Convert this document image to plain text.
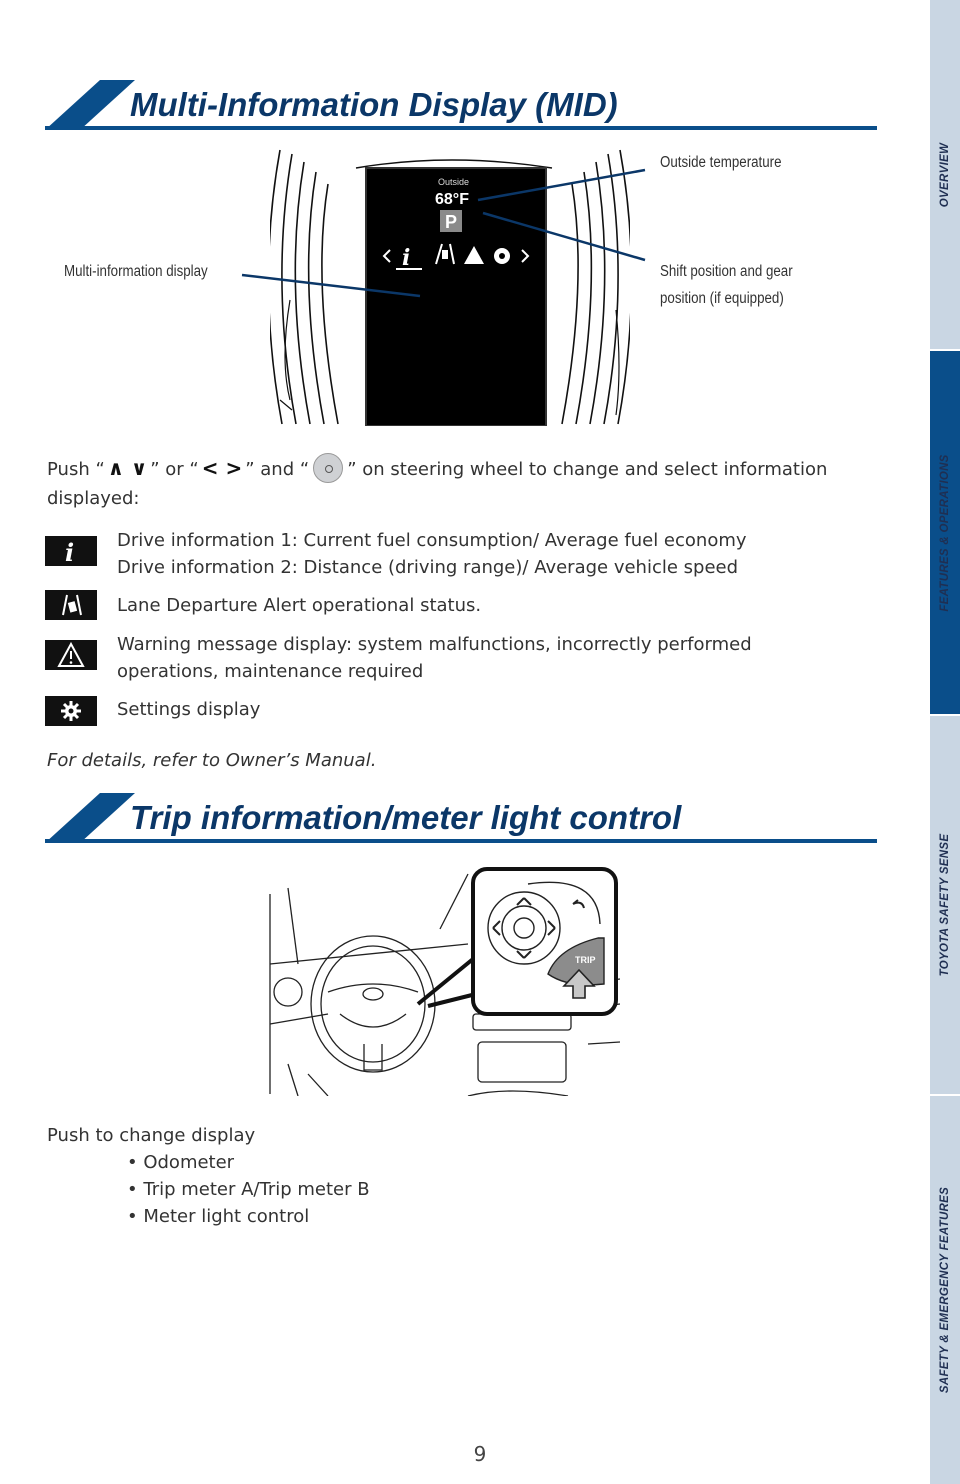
OVERVIEW
FEATURES & OPERATIONS
TOYOTA SAFETY SENSE
SAFETY & EMERGENCY FEATURES
Multi-Information Display (MID)
Outside
68°F
P
i
Outside temperature
Multi-information display	Shift position and gear
position (if equipped)
Push “ ∧ ∨ ” or “ < > ” and “ ” on steering wheel to change and select information displayed:
i Drive information 1: Current fuel consumption/ Average fuel economy
Drive information 2: Distance (driving range)/ Average vehicle speed
Lane Departure Alert operational status.
Warning message display: system malfunctions, incorrectly performed
operations, maintenance required
Settings display
For details, refer to Owner’s Manual.
Trip information/meter light control
TRIP
Push to change display
• Odometer
• Trip meter A/Trip meter B
• Meter light control
9
